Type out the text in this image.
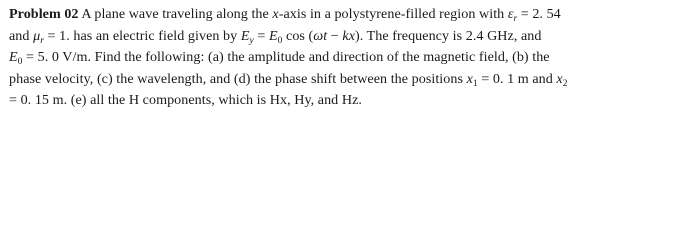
Problem 02 A plane wave traveling along the x-axis in a polystyrene-filled region with $\varepsilon_r = 2$. 54
and $\mu_r = 1$. has an electric field given by $E_y = E_0$ cos (ωt − kx). The frequency is 2.4 GHz, and
$E_0 = 5$. 0 V/m. Find the following: (a) the amplitude and direction of the magnetic field, (b) the
phase velocity, (c) the wavelength, and (d) the phase shift between the positions $x_1 = 0$. 1 m and $x_2$
= 0. 15 m. (e) all the H components, which is Hx, Hy, and Hz.
